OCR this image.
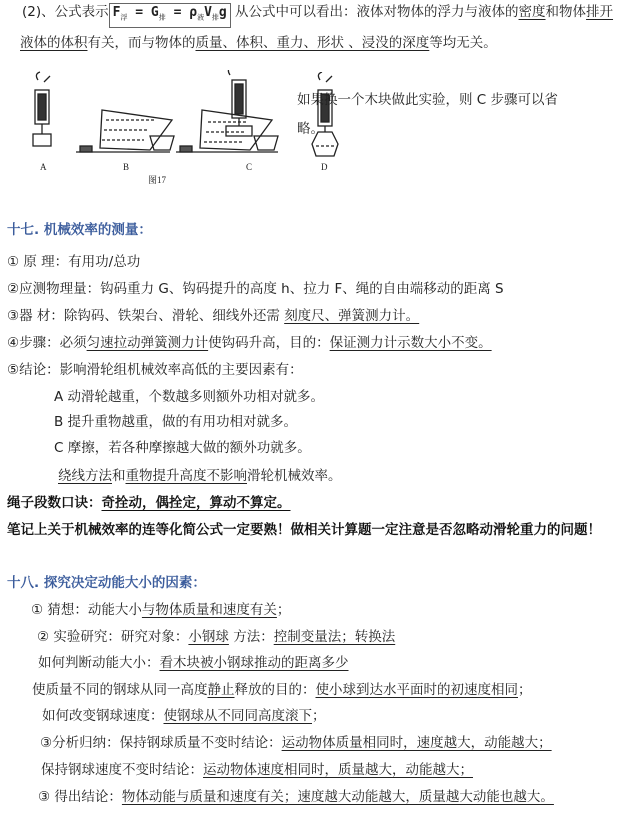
(2)、公式表示 $F_浮 = G_排 = \rho_液V_排g$ 从公式中可以看出：液体对物体的浮力与液体的密度和物体排开
液体的体积有关，而与物体的质量、体积、重力、形状 、浸没的深度等均无关。
A	B	C
图17
D
如果换一个木块做此实验，则 C 步骤可以省
略。
十七. 机械效率的测量：
① 原 理：有用功/总功
②应测物理量：钩码重力 G、钩码提升的高度 h、拉力 F、绳的自由端移动的距离 S
③器 材：除钩码、铁架台、滑轮、细线外还需 刻度尺、弹簧测力计。
④步骤：必须匀速拉动弹簧测力计使钩码升高，目的：保证测力计示数大小不变。
⑤结论：影响滑轮组机械效率高低的主要因素有：
A 动滑轮越重，个数越多则额外功相对就多。
B 提升重物越重，做的有用功相对就多。
C 摩擦，若各种摩擦越大做的额外功就多。
绕线方法和重物提升高度不影响滑轮机械效率。
绳子段数口诀：奇拴动，偶拴定，算动不算定。
笔记上关于机械效率的连等化简公式一定要熟！做相关计算题一定注意是否忽略动滑轮重力的问题！
十八. 探究决定动能大小的因素：
① 猜想：动能大小与物体质量和速度有关；
② 实验研究：研究对象：小钢球 方法：控制变量法；转换法
如何判断动能大小：看木块被小钢球推动的距离多少
使质量不同的钢球从同一高度静止释放的目的：使小球到达水平面时的初速度相同；
如何改变钢球速度：使钢球从不同同高度滚下；
③分析归纳：保持钢球质量不变时结论：运动物体质量相同时，速度越大，动能越大；
保持钢球速度不变时结论：运动物体速度相同时，质量越大，动能越大；
③ 得出结论：物体动能与质量和速度有关；速度越大动能越大，质量越大动能也越大。
